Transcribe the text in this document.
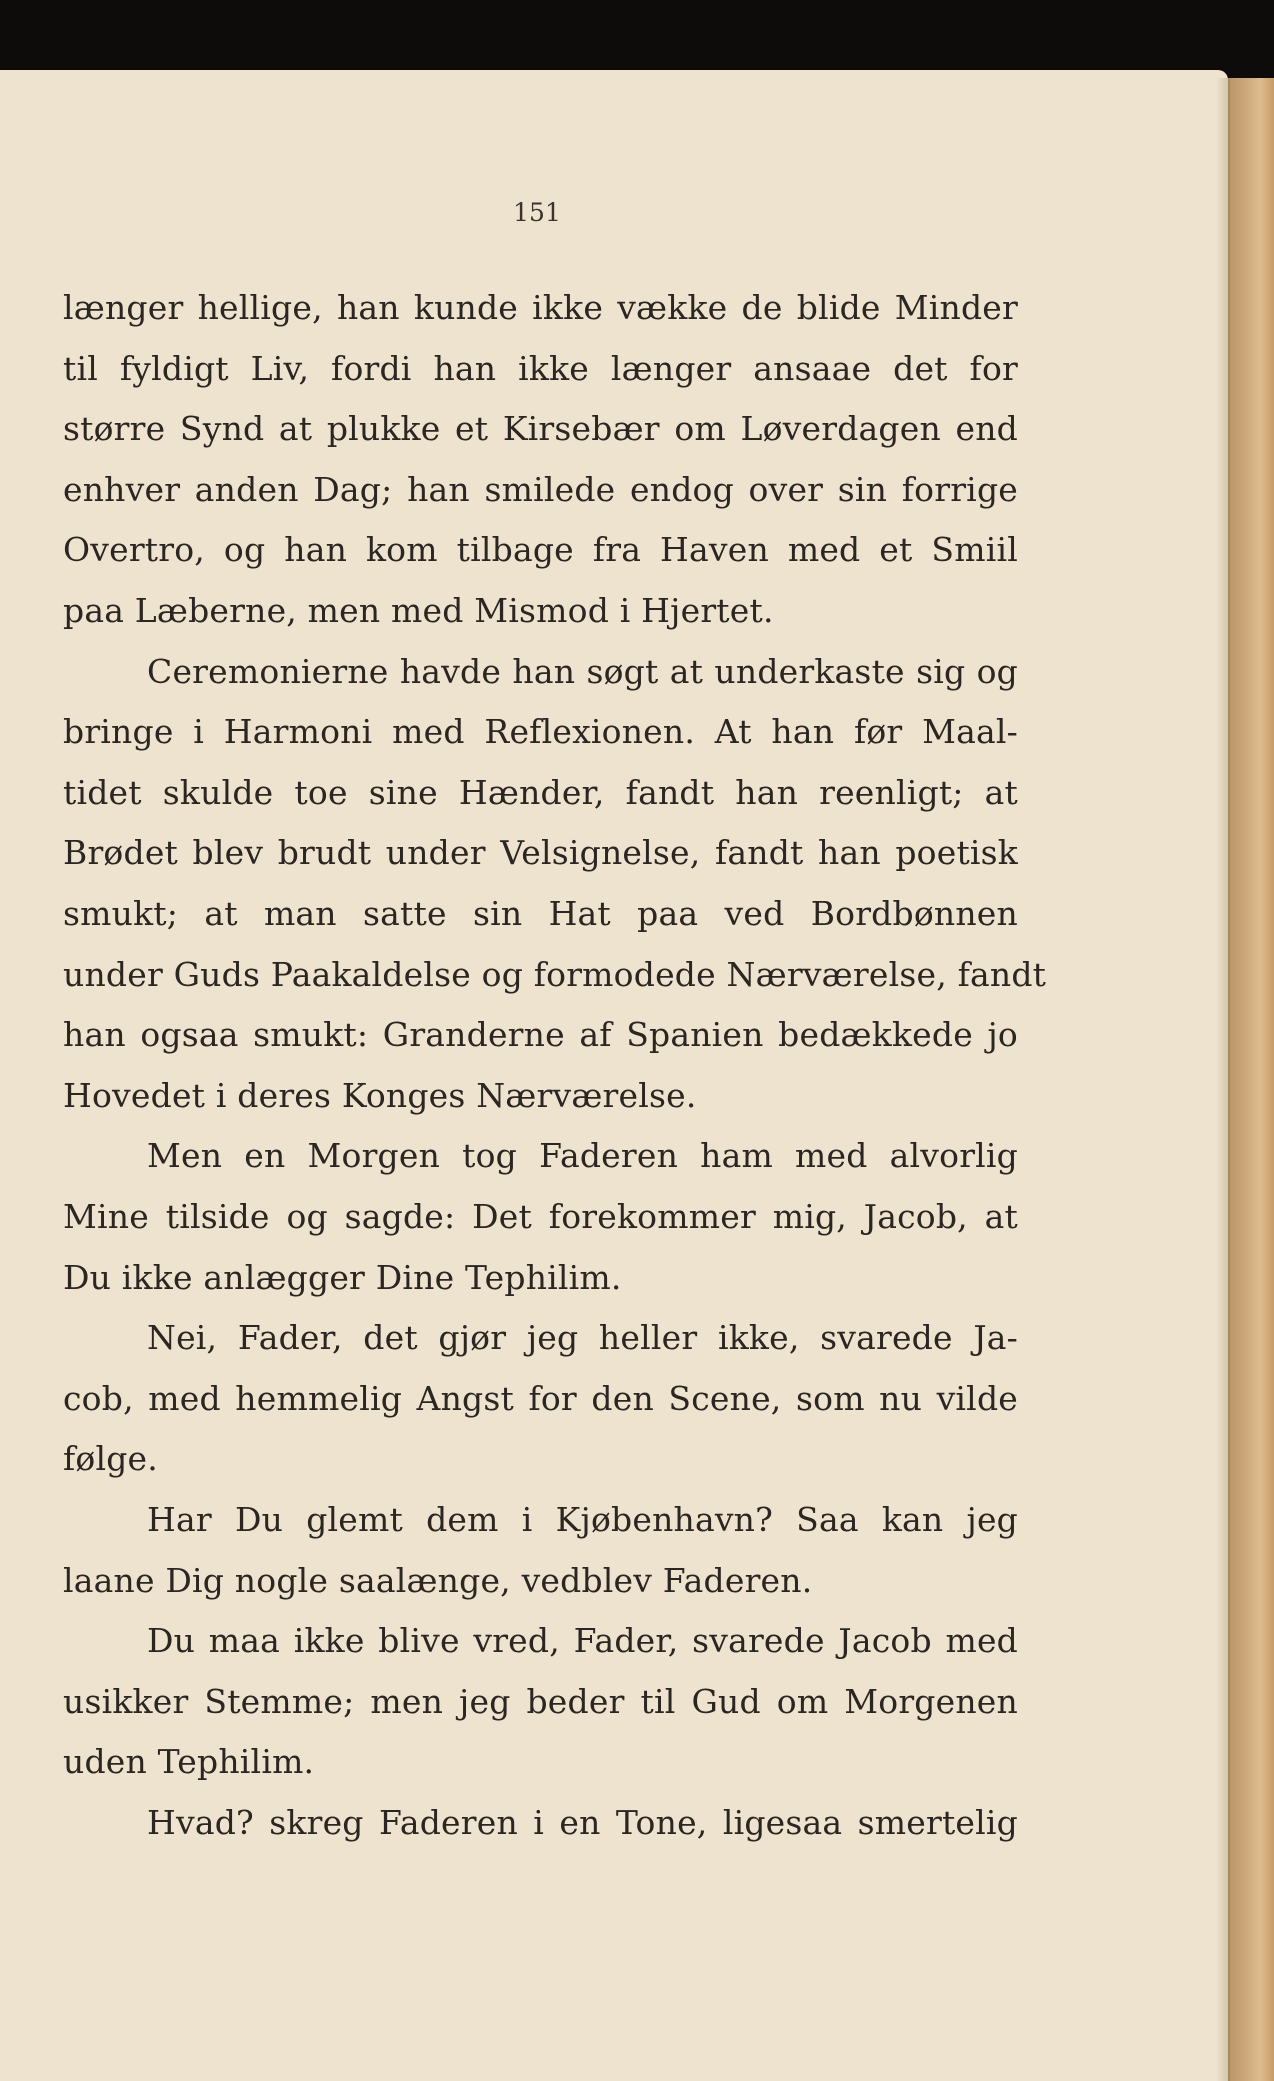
151
længer hellige, han kunde ikke vække de blide Minder
til fyldigt Liv, fordi han ikke længer ansaae det for
større Synd at plukke et Kirsebær om Løverdagen end
enhver anden Dag; han smilede endog over sin forrige
Overtro, og han kom tilbage fra Haven med et Smiil
paa Læberne, men med Mismod i Hjertet.
Ceremonierne havde han søgt at underkaste sig og
bringe i Harmoni med Reflexionen. At han før Maal-
tidet skulde toe sine Hænder, fandt han reenligt; at
Brødet blev brudt under Velsignelse, fandt han poetisk
smukt; at man satte sin Hat paa ved Bordbønnen
under Guds Paakaldelse og formodede Nærværelse, fandt
han ogsaa smukt: Granderne af Spanien bedækkede jo
Hovedet i deres Konges Nærværelse.
Men en Morgen tog Faderen ham med alvorlig
Mine tilside og sagde: Det forekommer mig, Jacob, at
Du ikke anlægger Dine Tephilim.
Nei, Fader, det gjør jeg heller ikke, svarede Ja-
cob, med hemmelig Angst for den Scene, som nu vilde
følge.
Har Du glemt dem i Kjøbenhavn? Saa kan jeg
laane Dig nogle saalænge, vedblev Faderen.
Du maa ikke blive vred, Fader, svarede Jacob med
usikker Stemme; men jeg beder til Gud om Morgenen
uden Tephilim.
Hvad? skreg Faderen i en Tone, ligesaa smertelig
